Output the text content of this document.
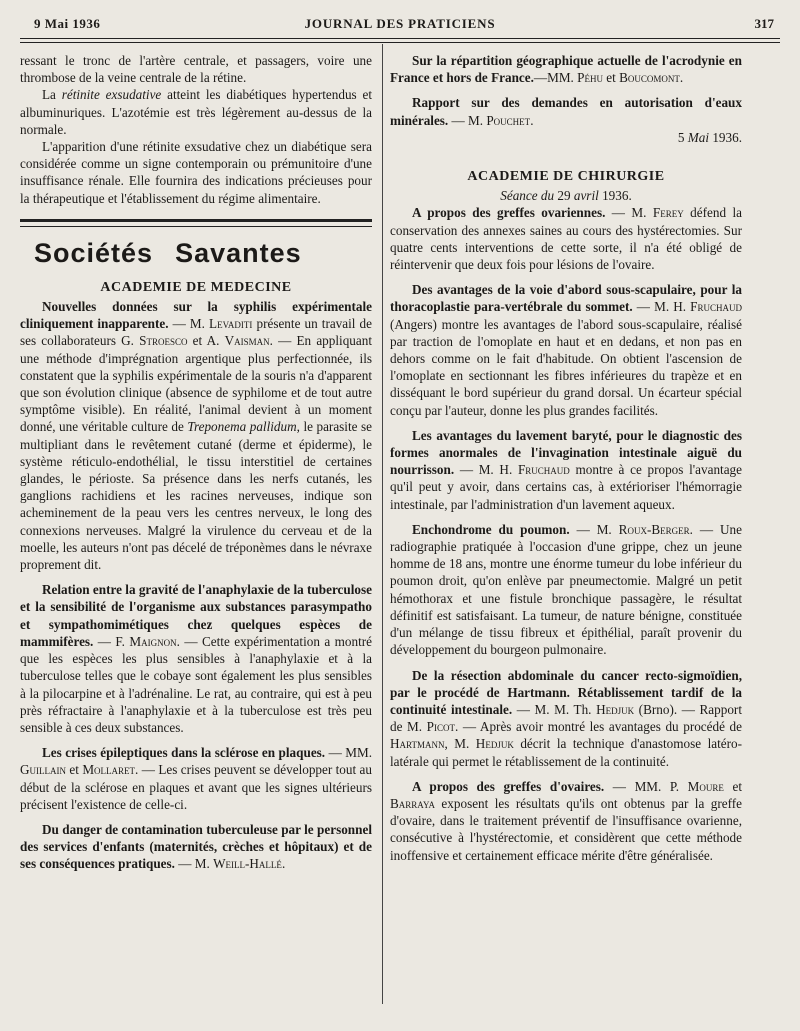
9 Mai 1936	JOURNAL DES PRATICIENS	317

ressant le tronc de l'artère centrale, et passagers, voire une thrombose de la veine centrale de la rétine.

La rétinite exsudative atteint les diabétiques hypertendus et albuminuriques. L'azotémie est très légèrement au-dessus de la normale.

L'apparition d'une rétinite exsudative chez un diabétique sera considérée comme un signe contemporain ou prémunitoire d'une insuffisance rénale. Elle fournira des indications précieuses pour la thérapeutique et l'établissement du régime alimentaire.

Sociétés Savantes
ACADEMIE DE MEDECINE

Nouvelles données sur la syphilis expérimentale cliniquement inapparente. — M. Levaditi présente un travail de ses collaborateurs G. Stroesco et A. Vaisman. — En appliquant une méthode d'imprégnation argentique plus perfectionnée, ils constatent que la syphilis expérimentale de la souris n'a d'apparent que son évolution clinique (absence de syphilome et de tout autre symptôme visible). En réalité, l'animal devient à un moment donné, une véritable culture de Treponema pallidum, le parasite se multipliant dans le revêtement cutané (derme et épiderme), le système réticulo-endothélial, le tissu interstitiel de certaines glandes, le périoste. Sa présence dans les nerfs cutanés, les ganglions rachidiens et les racines nerveuses, indique son acheminement de la peau vers les centres nerveux, le long des connexions nerveuses. Malgré la virulence du cerveau et de la moelle, les auteurs n'ont pas décelé de tréponèmes dans le névraxe proprement dit.

Relation entre la gravité de l'anaphylaxie de la tuberculose et la sensibilité de l'organisme aux substances parasympatho et sympathomimétiques chez quelques espèces de mammifères. — F. Maignon. — Cette expérimentation a montré que les espèces les plus sensibles à l'anaphylaxie et à la tuberculose telles que le cobaye sont également les plus sensibles à la pilocarpine et à l'adrénaline. Le rat, au contraire, qui est à peu près réfractaire à l'anaphylaxie et à la tuberculose est très peu sensible à ces deux substances.

Les crises épileptiques dans la sclérose en plaques. — MM. Guillain et Mollaret. — Les crises peuvent se développer tout au début de la sclérose en plaques et avant que les signes ultérieurs précisent l'existence de celle-ci.

Du danger de contamination tuberculeuse par le personnel des services d'enfants (maternités, crèches et hôpitaux) et de ses conséquences pratiques. — M. Weill-Hallé.

Sur la répartition géographique actuelle de l'acrodynie en France et hors de France.—MM. Péhu et Boucomont.

Rapport sur des demandes en autorisation d'eaux minérales. — M. Pouchet.

5 Mai 1936.

ACADEMIE DE CHIRURGIE

Séance du 29 avril 1936.

A propos des greffes ovariennes. — M. Ferey défend la conservation des annexes saines au cours des hystérectomies. Sur quatre cents interventions de cette sorte, il n'a été obligé de réintervenir que deux fois pour lésions de l'ovaire.

Des avantages de la voie d'abord sous-scapulaire, pour la thoracoplastie para-vertébrale du sommet. — M. H. Fruchaud (Angers) montre les avantages de l'abord sous-scapulaire, réalisé par traction de l'omoplate en haut et en dedans, et non pas en dehors comme on le fait d'habitude. On obtient l'ascension de l'omoplate en sectionnant les fibres inférieures du trapèze et en disséquant le bord supérieur du grand dorsal. Un écarteur spécial conçu par l'auteur, donne les plus grandes facilités.

Les avantages du lavement baryté, pour le diagnostic des formes anormales de l'invagination intestinale aiguë du nourrisson. — M. H. Fruchaud montre à ce propos l'avantage qu'il peut y avoir, dans certains cas, à extérioriser l'hémorragie intestinale, par l'administration d'un lavement aqueux.

Enchondrome du poumon. — M. Roux-Berger. — Une radiographie pratiquée à l'occasion d'une grippe, chez un jeune homme de 18 ans, montre une énorme tumeur du lobe inférieur du poumon droit, qu'on enlève par pneumectomie. Malgré un petit hémothorax et une fistule bronchique passagère, le résultat définitif est satisfaisant. La tumeur, de nature bénigne, constituée d'un mélange de tissu fibreux et épithélial, paraît provenir du développement du bourgeon pulmonaire.

De la résection abdominale du cancer recto-sigmoïdien, par le procédé de Hartmann. Rétablissement tardif de la continuité intestinale. — M. M. Th. Hedjuk (Brno). — Rapport de M. Picot. — Après avoir montré les avantages du procédé de Hartmann, M. Hedjuk décrit la technique d'anastomose latéro-latérale qui permet le rétablissement de la continuité.

A propos des greffes d'ovaires. — MM. P. Moure et Barraya exposent les résultats qu'ils ont obtenus par la greffe d'ovaire, dans le traitement préventif de l'insuffisance ovarienne, consécutive à l'hystérectomie, et considèrent que cette méthode inoffensive et certainement efficace mérite d'être généralisée.
